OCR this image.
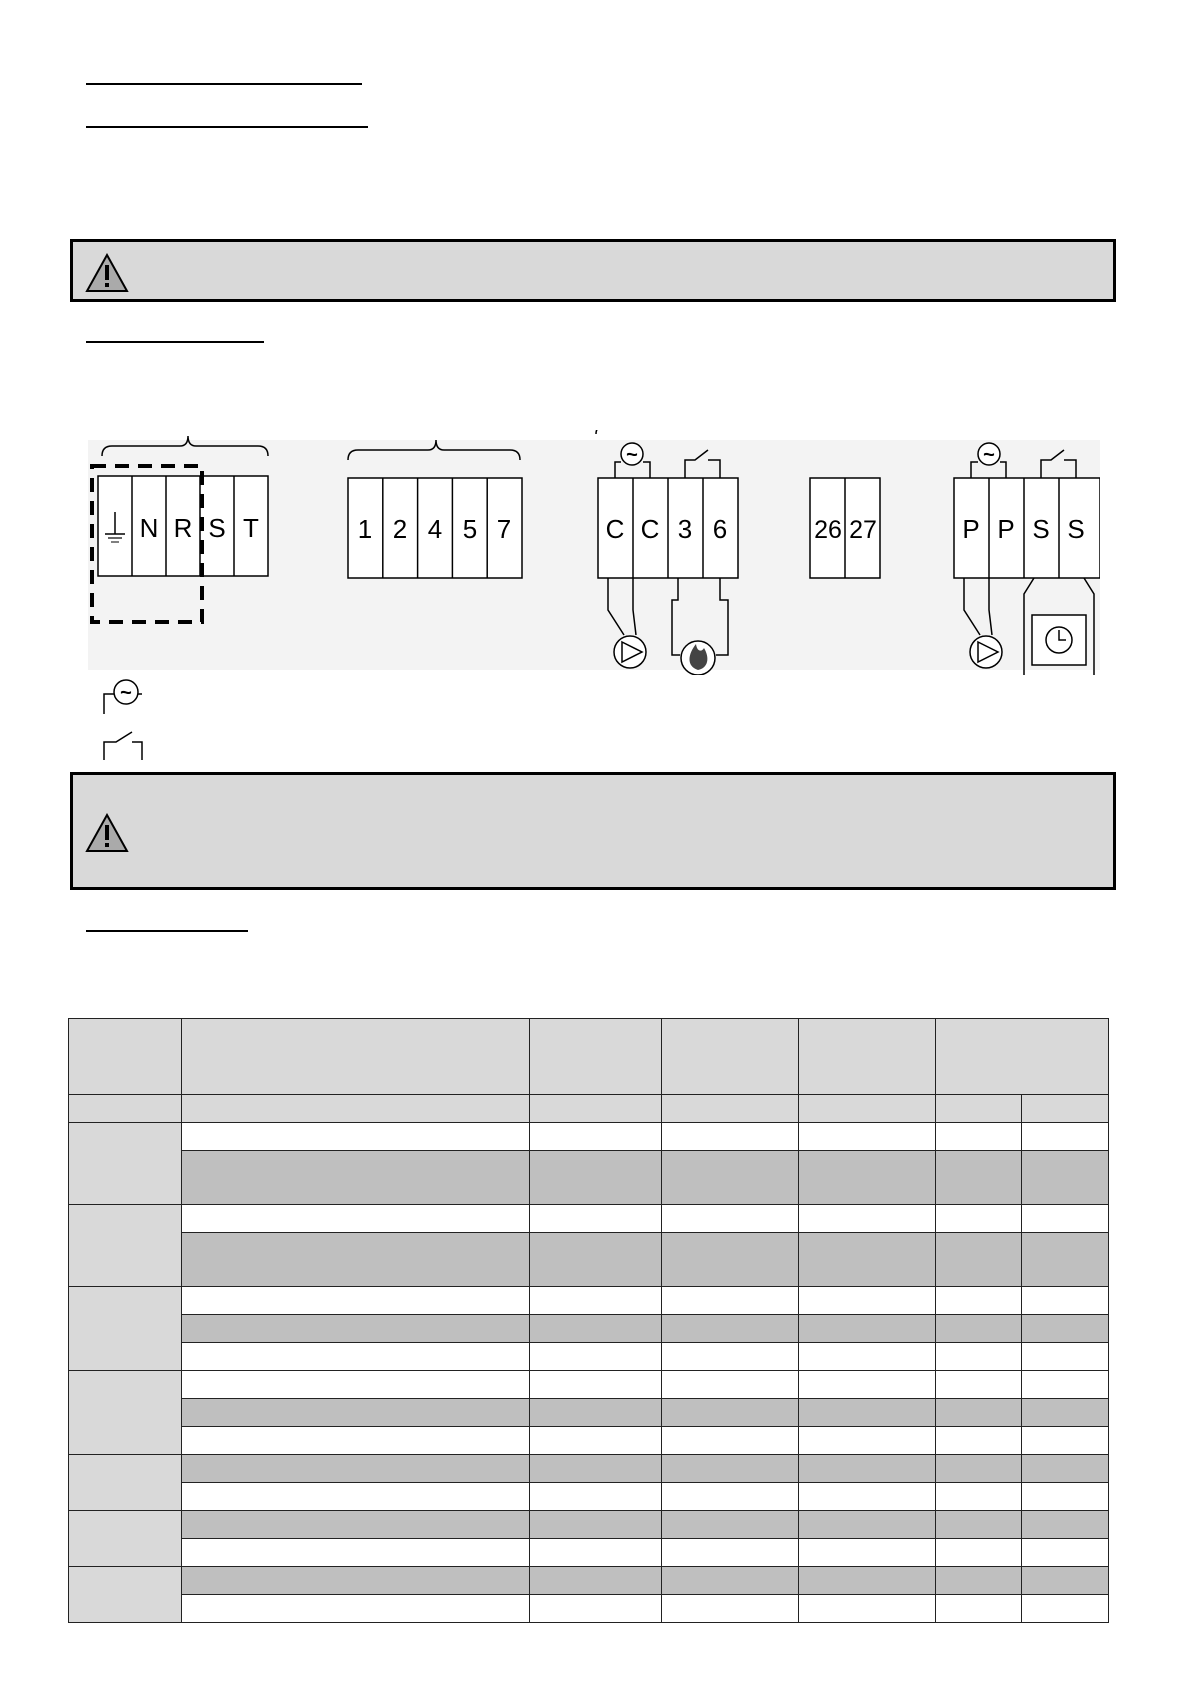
N R S T	1 2 4 5 7	C C 3 6
~
26 27	P P S S
~
~
